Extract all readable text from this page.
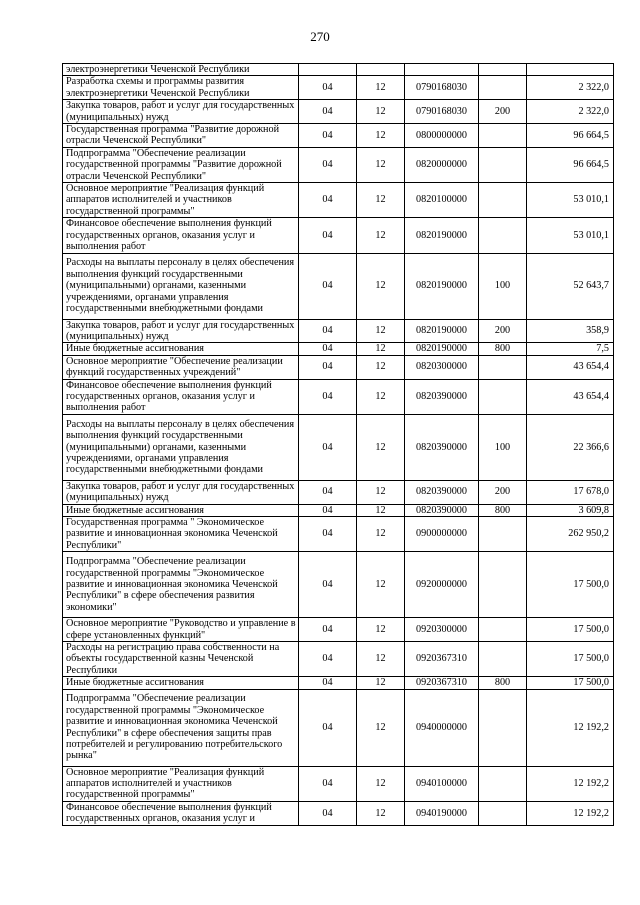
270
электроэнергетики Чеченской Республики					
Разработка схемы и программы развития электроэнергетики Чеченской Республики	04	12	0790168030		2 322,0
Закупка товаров, работ и услуг для государственных (муниципальных) нужд	04	12	0790168030	200	2 322,0
Государственная программа "Развитие дорожной отрасли Чеченской Республики"	04	12	0800000000		96 664,5
Подпрограмма "Обеспечение реализации государственной программы "Развитие дорожной отрасли Чеченской Республики"	04	12	0820000000		96 664,5
Основное мероприятие "Реализация функций аппаратов исполнителей и участников государственной программы"	04	12	0820100000		53 010,1
Финансовое обеспечение выполнения функций государственных органов, оказания услуг и выполнения работ	04	12	0820190000		53 010,1
Расходы на выплаты персоналу в целях обеспечения выполнения функций государственными (муниципальными) органами, казенными учреждениями, органами управления государственными внебюджетными фондами	04	12	0820190000	100	52 643,7
Закупка товаров, работ и услуг для государственных (муниципальных) нужд	04	12	0820190000	200	358,9
Иные бюджетные ассигнования	04	12	0820190000	800	7,5
Основное мероприятие "Обеспечение реализации функций государственных учреждений"	04	12	0820300000		43 654,4
Финансовое обеспечение выполнения функций государственных органов, оказания услуг и выполнения работ	04	12	0820390000		43 654,4
Расходы на выплаты персоналу в целях обеспечения выполнения функций государственными (муниципальными) органами, казенными учреждениями, органами управления государственными внебюджетными фондами	04	12	0820390000	100	22 366,6
Закупка товаров, работ и услуг для государственных (муниципальных) нужд	04	12	0820390000	200	17 678,0
Иные бюджетные ассигнования	04	12	0820390000	800	3 609,8
Государственная программа " Экономическое развитие и инновационная экономика Чеченской Республики"	04	12	0900000000		262 950,2
Подпрограмма "Обеспечение реализации государственной программы "Экономическое развитие и инновационная экономика Чеченской Республики" в сфере обеспечения развития экономики"	04	12	0920000000		17 500,0
Основное мероприятие "Руководство и управление в сфере установленных функций"	04	12	0920300000		17 500,0
Расходы на регистрацию права собственности на объекты государственной казны Чеченской Республики	04	12	0920367310		17 500,0
Иные бюджетные ассигнования	04	12	0920367310	800	17 500,0
Подпрограмма "Обеспечение реализации государственной программы "Экономическое развитие и инновационная экономика Чеченской Республики" в сфере обеспечения защиты прав потребителей и регулированию потребительского рынка"	04	12	0940000000		12 192,2
Основное мероприятие "Реализация функций аппаратов исполнителей и участников государственной программы"	04	12	0940100000		12 192,2
Финансовое обеспечение выполнения функций государственных органов, оказания услуг и	04	12	0940190000		12 192,2
